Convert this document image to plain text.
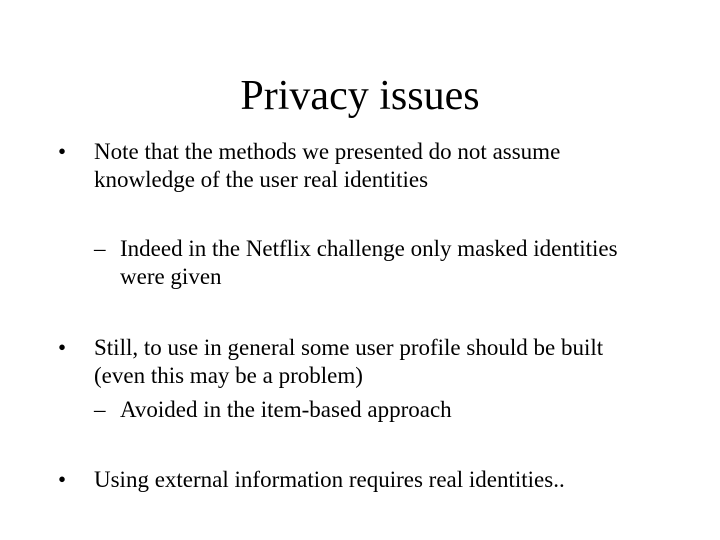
Privacy issues
• Note that the methods we presented do not assume
knowledge of the user real identities
– Indeed in the Netflix challenge only masked identities
were given
• Still, to use in general some user profile should be built
(even this may be a problem)
– Avoided in the item-based approach
• Using external information requires real identities..
